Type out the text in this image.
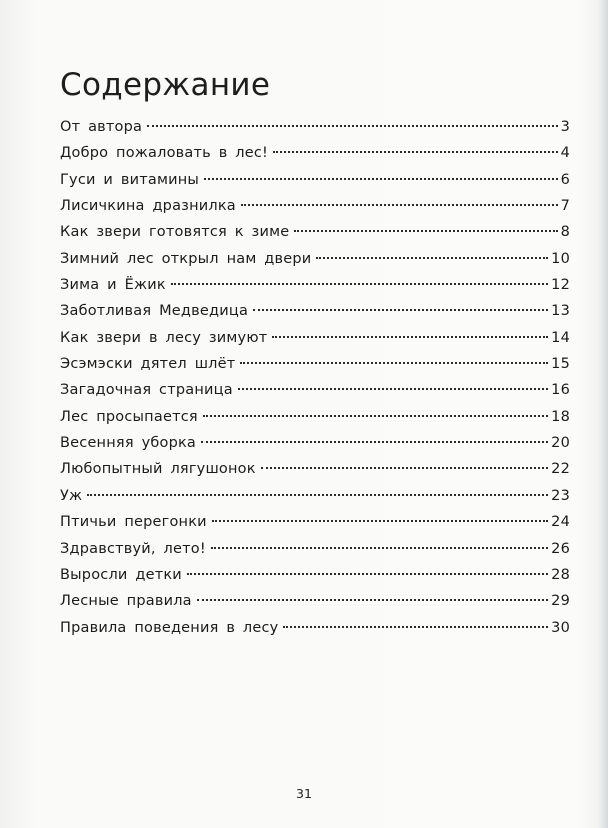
Содержание
От автора	3
Добро пожаловать в лес!	4
Гуси и витамины	6
Лисичкина дразнилка	7
Как звери готовятся к зиме	8
Зимний лес открыл нам двери	10
Зима и Ёжик	12
Заботливая Медведица	13
Как звери в лесу зимуют	14
Эсэмэски дятел шлёт	15
Загадочная страница	16
Лес просыпается	18
Весенняя уборка	20
Любопытный лягушонок	22
Уж	23
Птичьи перегонки	24
Здравствуй, лето!	26
Выросли детки	28
Лесные правила	29
Правила поведения в лесу	30
31
